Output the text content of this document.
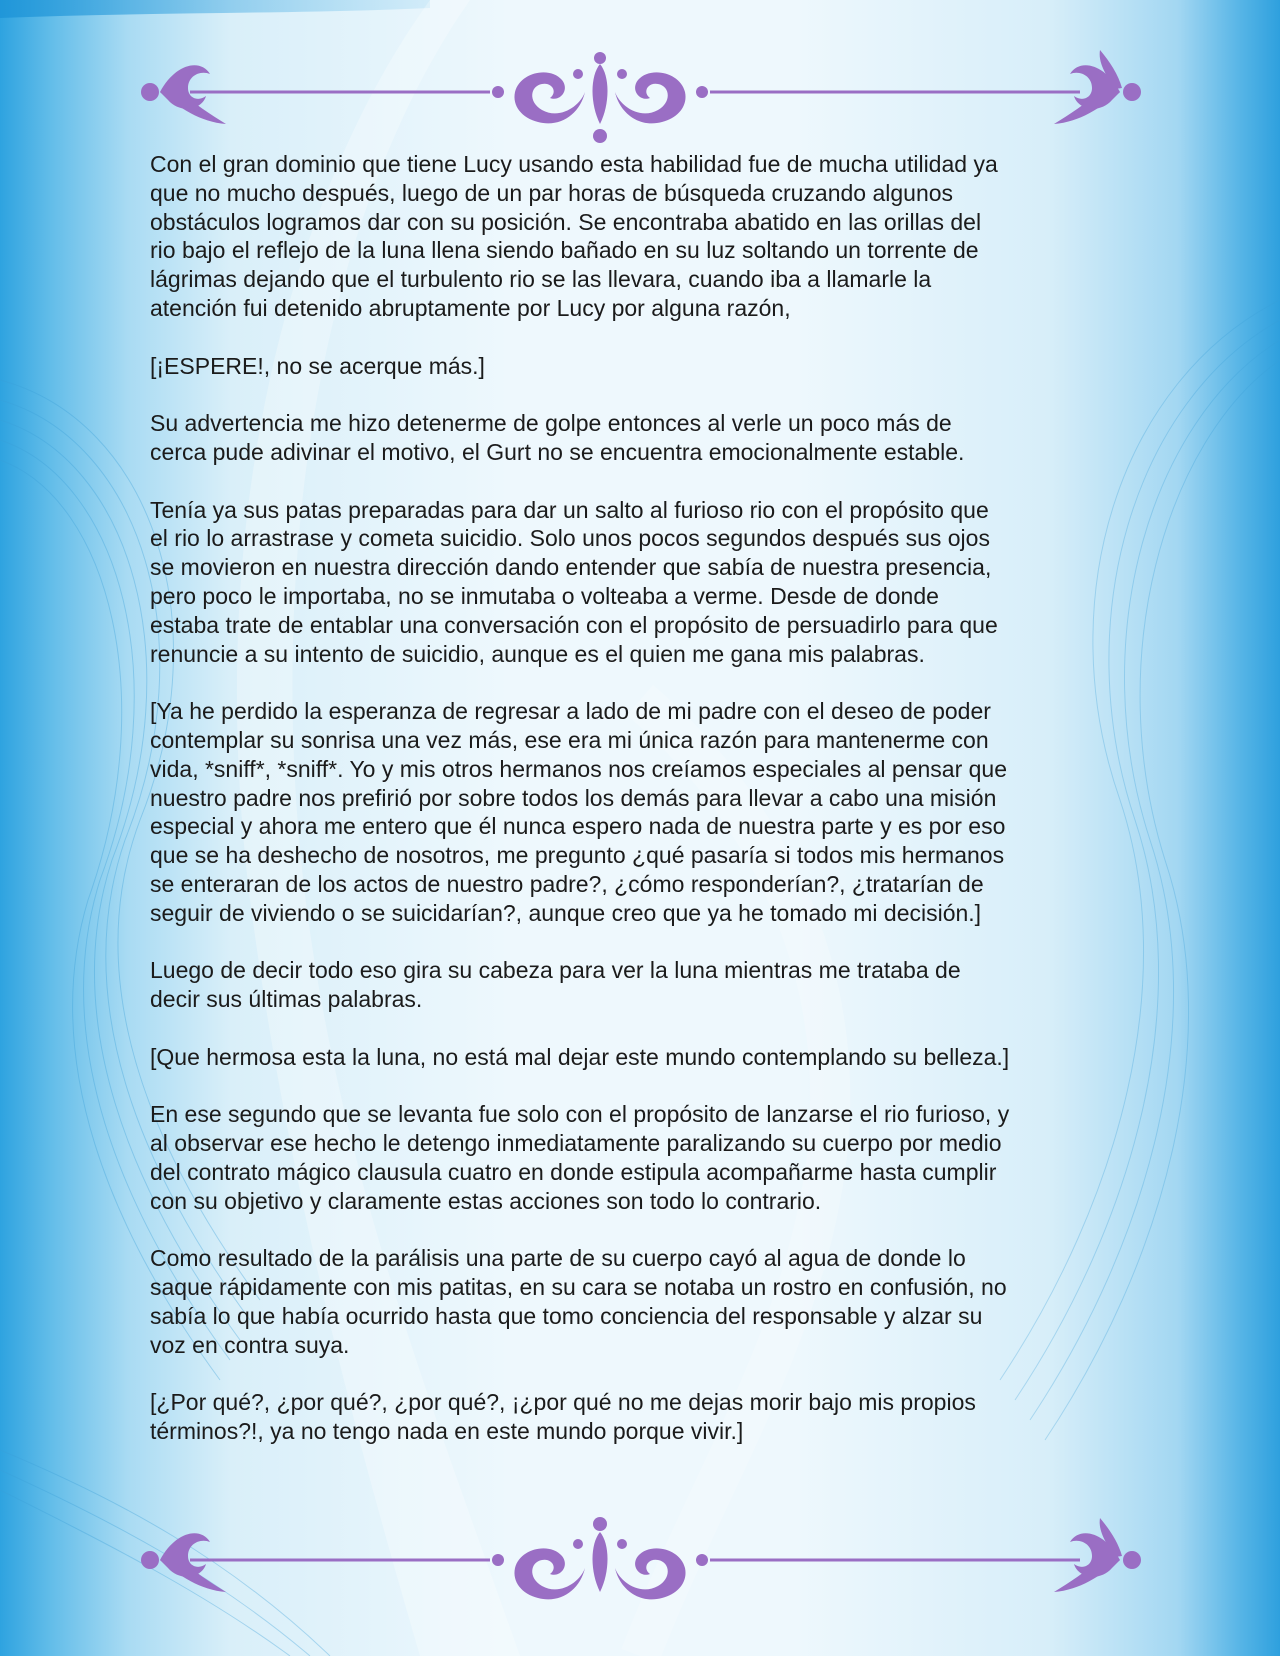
Con el gran dominio que tiene Lucy usando esta habilidad fue de mucha utilidad ya
que no mucho después, luego de un par horas de búsqueda cruzando algunos
obstáculos logramos dar con su posición. Se encontraba abatido en las orillas del
rio bajo el reflejo de la luna llena siendo bañado en su luz soltando un torrente de
lágrimas dejando que el turbulento rio se las llevara, cuando iba a llamarle la
atención fui detenido abruptamente por Lucy por alguna razón,

[¡ESPERE!, no se acerque más.]

Su advertencia me hizo detenerme de golpe entonces al verle un poco más de
cerca pude adivinar el motivo, el Gurt no se encuentra emocionalmente estable.

Tenía ya sus patas preparadas para dar un salto al furioso rio con el propósito que
el rio lo arrastrase y cometa suicidio. Solo unos pocos segundos después sus ojos
se movieron en nuestra dirección dando entender que sabía de nuestra presencia,
pero poco le importaba, no se inmutaba o volteaba a verme. Desde de donde
estaba trate de entablar una conversación con el propósito de persuadirlo para que
renuncie a su intento de suicidio, aunque es el quien me gana mis palabras.

[Ya he perdido la esperanza de regresar a lado de mi padre con el deseo de poder
contemplar su sonrisa una vez más, ese era mi única razón para mantenerme con
vida, *sniff*, *sniff*. Yo y mis otros hermanos nos creíamos especiales al pensar que
nuestro padre nos prefirió por sobre todos los demás para llevar a cabo una misión
especial y ahora me entero que él nunca espero nada de nuestra parte y es por eso
que se ha deshecho de nosotros, me pregunto ¿qué pasaría si todos mis hermanos
se enteraran de los actos de nuestro padre?, ¿cómo responderían?, ¿tratarían de
seguir de viviendo o se suicidarían?, aunque creo que ya he tomado mi decisión.]

Luego de decir todo eso gira su cabeza para ver la luna mientras me trataba de
decir sus últimas palabras.

[Que hermosa esta la luna, no está mal dejar este mundo contemplando su belleza.]

En ese segundo que se levanta fue solo con el propósito de lanzarse el rio furioso, y
al observar ese hecho le detengo inmediatamente paralizando su cuerpo por medio
del contrato mágico clausula cuatro en donde estipula acompañarme hasta cumplir
con su objetivo y claramente estas acciones son todo lo contrario.

Como resultado de la parálisis una parte de su cuerpo cayó al agua de donde lo
saque rápidamente con mis patitas, en su cara se notaba un rostro en confusión, no
sabía lo que había ocurrido hasta que tomo conciencia del responsable y alzar su
voz en contra suya.

[¿Por qué?, ¿por qué?, ¿por qué?, ¡¿por qué no me dejas morir bajo mis propios
términos?!, ya no tengo nada en este mundo porque vivir.]
